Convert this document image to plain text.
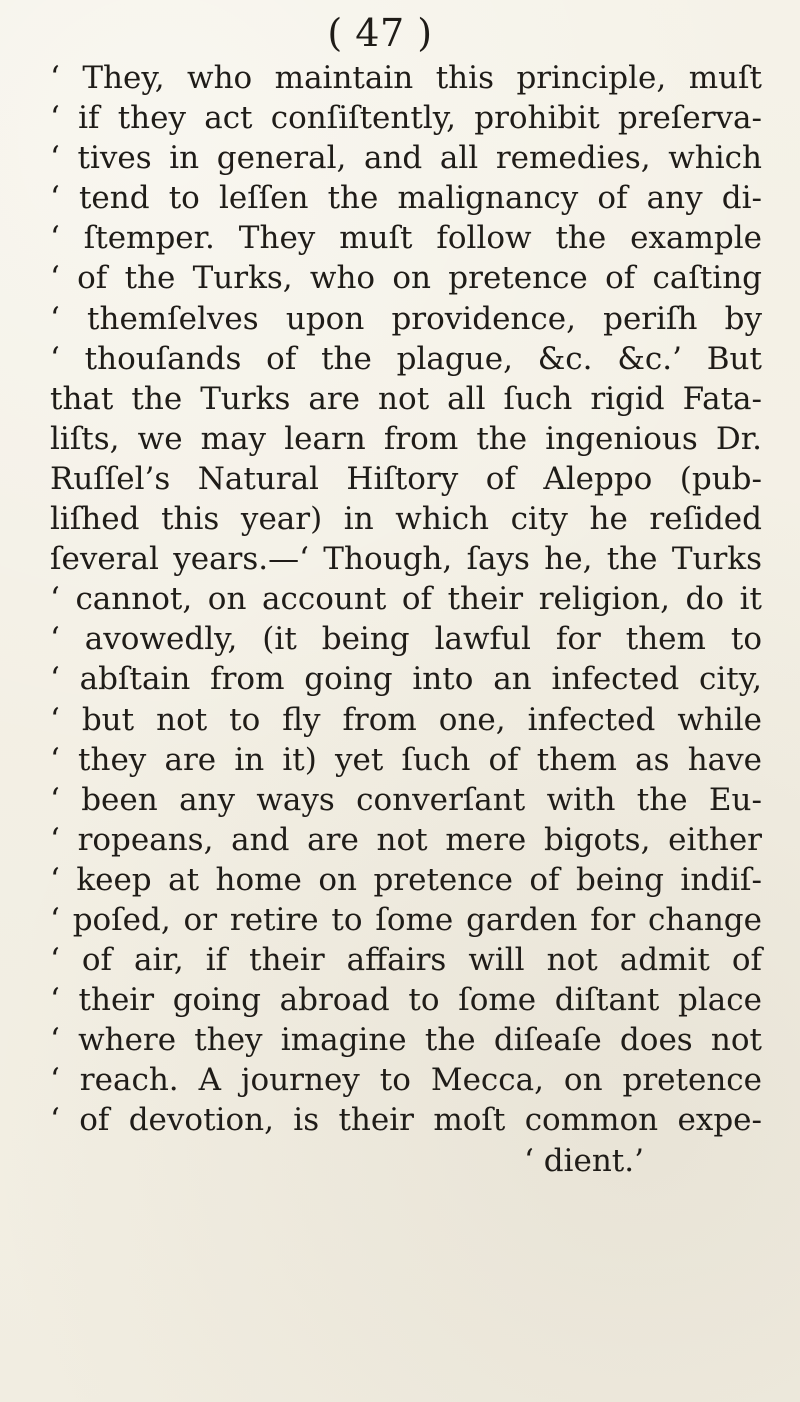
( 47 )
‘ They, who maintain this principle, muſt
‘ if they act conſiſtently, prohibit preſerva-
‘ tives in general, and all remedies, which
‘ tend to leſſen the malignancy of any di-
‘ ſtemper. They muſt follow the example
‘ of the Turks, who on pretence of caſting
‘ themſelves upon providence, periſh by
‘ thouſands of the plague, &c. &c.’ But
that the Turks are not all ſuch rigid Fata-
liſts, we may learn from the ingenious Dr.
Ruſſel’s Natural Hiſtory of Aleppo (pub-
liſhed this year) in which city he reſided
ſeveral years.—‘ Though, ſays he, the Turks
‘ cannot, on account of their religion, do it
‘ avowedly, (it being lawful for them to
‘ abſtain from going into an infected city,
‘ but not to fly from one, infected while
‘ they are in it) yet ſuch of them as have
‘ been any ways converſant with the Eu-
‘ ropeans, and are not mere bigots, either
‘ keep at home on pretence of being indiſ-
‘ poſed, or retire to ſome garden for change
‘ of air, if their affairs will not admit of
‘ their going abroad to ſome diſtant place
‘ where they imagine the diſeaſe does not
‘ reach. A journey to Mecca, on pretence
‘ of devotion, is their moſt common expe-
‘ dient.’
